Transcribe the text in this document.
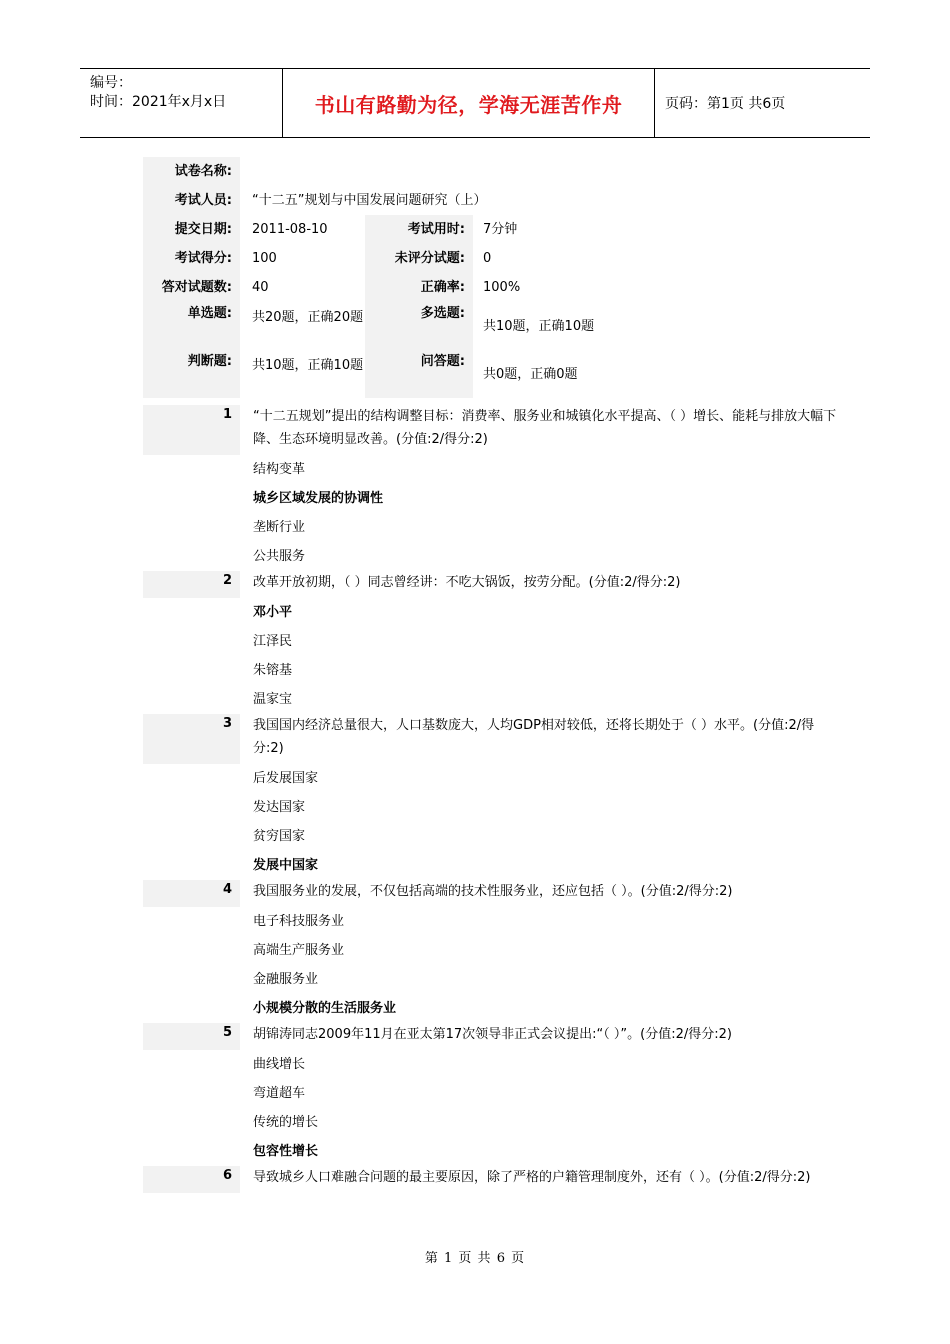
编号：
时间：2021年x月x日	书山有路勤为径，学海无涯苦作舟	页码：第1页 共6页
试卷名称:
考试人员:	“十二五”规划与中国发展问题研究（上）
提交日期:	2011-08-10	考试用时:	7分钟
考试得分:	100	未评分试题:	0
答对试题数:	40	正确率:	100%
单选题:	共20题，正确20题	多选题:
共10题，正确10题
判断题:	共10题，正确10题	问答题:
共0题，正确0题
1	“十二五规划”提出的结构调整目标：消费率、服务业和城镇化水平提高、（ ）增长、能耗与排放大幅下降、生态环境明显改善。(分值:2/得分:2)
结构变革
城乡区域发展的协调性
垄断行业
公共服务
2	改革开放初期，（ ）同志曾经讲：不吃大锅饭，按劳分配。(分值:2/得分:2)
邓小平
江泽民
朱镕基
温家宝
3	我国国内经济总量很大，人口基数庞大，人均GDP相对较低，还将长期处于（ ）水平。(分值:2/得分:2)
后发展国家
发达国家
贫穷国家
发展中国家
4	我国服务业的发展，不仅包括高端的技术性服务业，还应包括（ ）。(分值:2/得分:2)
电子科技服务业
高端生产服务业
金融服务业
小规模分散的生活服务业
5	胡锦涛同志2009年11月在亚太第17次领导非正式会议提出:“（ ）”。(分值:2/得分:2)
曲线增长
弯道超车
传统的增长
包容性增长
6	导致城乡人口难融合问题的最主要原因，除了严格的户籍管理制度外，还有（ ）。(分值:2/得分:2)
第 1 页 共 6 页
